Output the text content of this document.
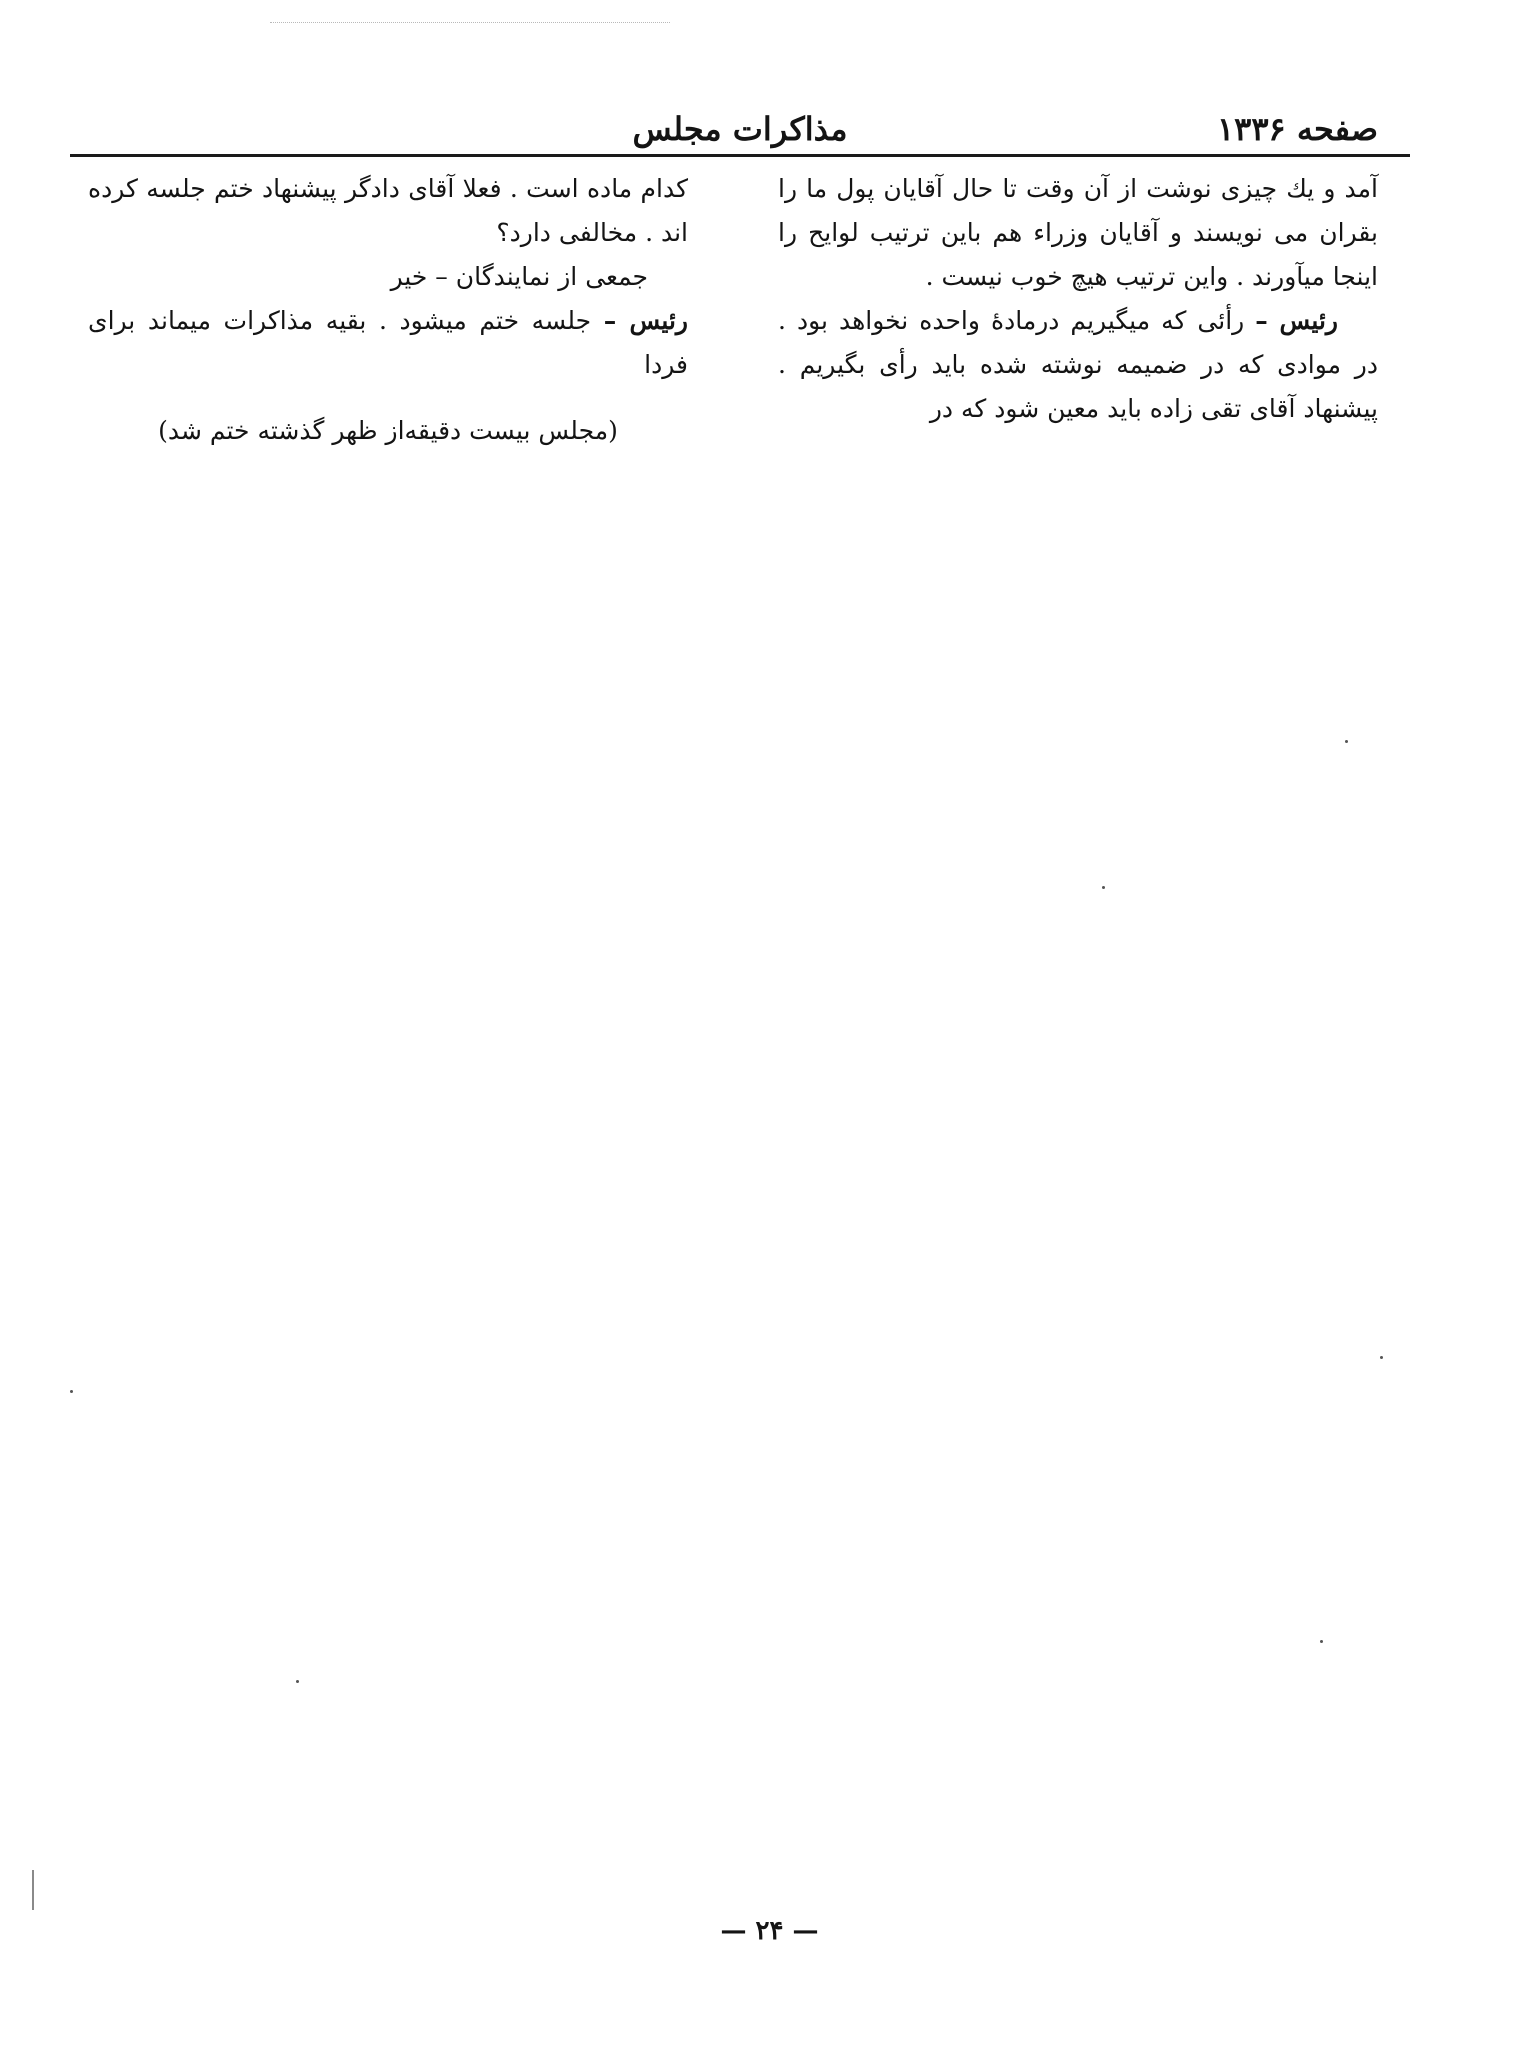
صفحه ۱۳۳۶
مذاکرات مجلس

آمد و یك چیزی نوشت از آن وقت تا حال آقایان پول ما را بقران می نویسند و آقایان وزراء هم باین ترتیب لوایح را اینجا میآورند . واین ترتیب هیچ خوب نیست .

رئیس – رأئی که میگیریم درمادهٔ واحده نخواهد بود . در موادی که در ضمیمه نوشته شده باید رأی بگیریم . پیشنهاد آقای تقی زاده باید معین شود که در

کدام ماده است . فعلا آقای دادگر پیشنهاد ختم جلسه کرده اند . مخالفی دارد؟

جمعی از نمایندگان – خیر

رئیس – جلسه ختم میشود . بقیه مذاکرات میماند برای فردا

(مجلس بیست دقیقه‌از ظهر گذشته ختم شد)

— ۲۴ —
